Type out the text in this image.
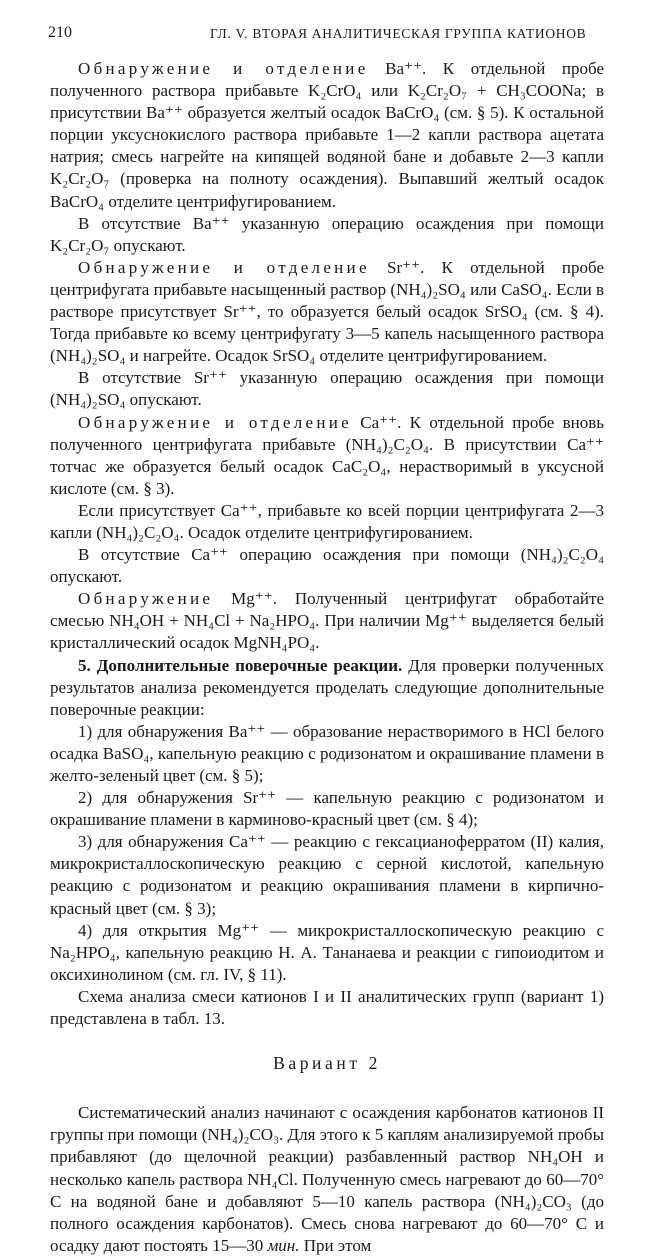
210	ГЛ. V. ВТОРАЯ АНАЛИТИЧЕСКАЯ ГРУППА КАТИОНОВ

Обнаружение и отделение Ba⁺⁺. К отдельной пробе полученного раствора прибавьте K₂CrO₄ или K₂Cr₂O₇ + CH₃COONa; в присутствии Ba⁺⁺ образуется желтый осадок BaCrO₄ (см. § 5). К остальной порции уксуснокислого раствора прибавьте 1—2 капли раствора ацетата натрия; смесь нагрейте на кипящей водяной бане и добавьте 2—3 капли K₂Cr₂O₇ (проверка на полноту осаждения). Выпавший желтый осадок BaCrO₄ отделите центрифугированием.

В отсутствие Ba⁺⁺ указанную операцию осаждения при помощи K₂Cr₂O₇ опускают.

Обнаружение и отделение Sr⁺⁺. К отдельной пробе центрифугата прибавьте насыщенный раствор (NH₄)₂SO₄ или CaSO₄. Если в растворе присутствует Sr⁺⁺, то образуется белый осадок SrSO₄ (см. § 4). Тогда прибавьте ко всему центрифугату 3—5 капель насыщенного раствора (NH₄)₂SO₄ и нагрейте. Осадок SrSO₄ отделите центрифугированием.

В отсутствие Sr⁺⁺ указанную операцию осаждения при помощи (NH₄)₂SO₄ опускают.

Обнаружение и отделение Ca⁺⁺. К отдельной пробе вновь полученного центрифугата прибавьте (NH₄)₂C₂O₄. В присутствии Ca⁺⁺ тотчас же образуется белый осадок CaC₂O₄, нерастворимый в уксусной кислоте (см. § 3).

Если присутствует Ca⁺⁺, прибавьте ко всей порции центрифугата 2—3 капли (NH₄)₂C₂O₄. Осадок отделите центрифугированием.

В отсутствие Ca⁺⁺ операцию осаждения при помощи (NH₄)₂C₂O₄ опускают.

Обнаружение Mg⁺⁺. Полученный центрифугат обработайте смесью NH₄OH + NH₄Cl + Na₂HPO₄. При наличии Mg⁺⁺ выделяется белый кристаллический осадок MgNH₄PO₄.

5. Дополнительные поверочные реакции. Для проверки полученных результатов анализа рекомендуется проделать следующие дополнительные поверочные реакции:

1) для обнаружения Ba⁺⁺ — образование нерастворимого в HCl белого осадка BaSO₄, капельную реакцию с родизонатом и окрашивание пламени в желто-зеленый цвет (см. § 5);

2) для обнаружения Sr⁺⁺ — капельную реакцию с родизонатом и окрашивание пламени в карминово-красный цвет (см. § 4);

3) для обнаружения Ca⁺⁺ — реакцию с гексацианоферратом (II) калия, микрокристаллоскопическую реакцию с серной кислотой, капельную реакцию с родизонатом и реакцию окрашивания пламени в кирпично-красный цвет (см. § 3);

4) для открытия Mg⁺⁺ — микрокристаллоскопическую реакцию с Na₂HPO₄, капельную реакцию Н. А. Тананаева и реакции с гипоиодитом и оксихинолином (см. гл. IV, § 11).

Схема анализа смеси катионов I и II аналитических групп (вариант 1) представлена в табл. 13.

Вариант 2

Систематический анализ начинают с осаждения карбонатов катионов II группы при помощи (NH₄)₂CO₃. Для этого к 5 каплям анализируемой пробы прибавляют (до щелочной реакции) разбавленный раствор NH₄OH и несколько капель раствора NH₄Cl. Полученную смесь нагревают до 60—70° C на водяной бане и добавляют 5—10 капель раствора (NH₄)₂CO₃ (до полного осаждения карбонатов). Смесь снова нагревают до 60—70° C и осадку дают постоять 15—30 мин. При этом
